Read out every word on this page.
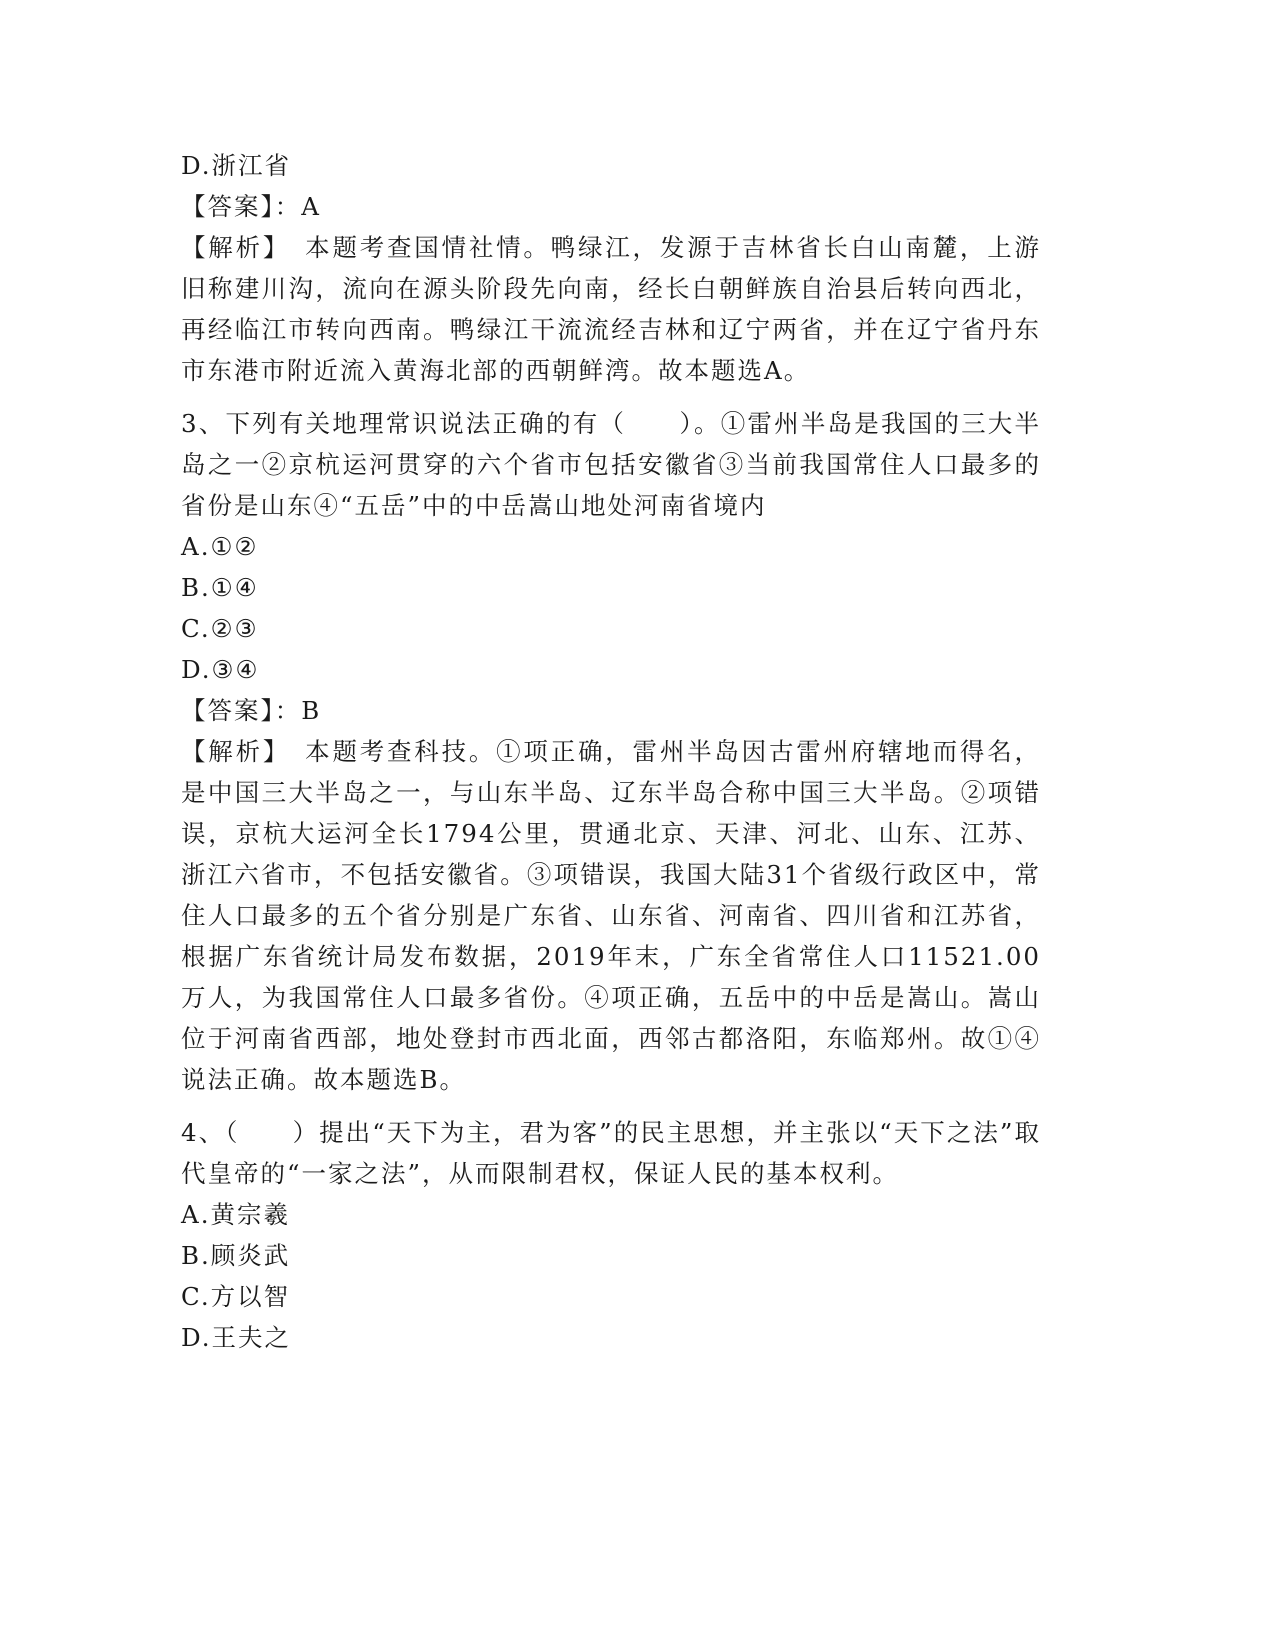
D.浙江省
【答案】：A
【解析】　本题考查国情社情。鸭绿江，发源于吉林省长白山南麓，上游旧称建川沟，流向在源头阶段先向南，经长白朝鲜族自治县后转向西北，再经临江市转向西南。鸭绿江干流流经吉林和辽宁两省，并在辽宁省丹东市东港市附近流入黄海北部的西朝鲜湾。故本题选A。
3、下列有关地理常识说法正确的有（　　）。①雷州半岛是我国的三大半岛之一②京杭运河贯穿的六个省市包括安徽省③当前我国常住人口最多的省份是山东④“五岳”中的中岳嵩山地处河南省境内
A.①②
B.①④
C.②③
D.③④
【答案】：B
【解析】　本题考查科技。①项正确，雷州半岛因古雷州府辖地而得名，是中国三大半岛之一，与山东半岛、辽东半岛合称中国三大半岛。②项错误，京杭大运河全长1794公里，贯通北京、天津、河北、山东、江苏、浙江六省市，不包括安徽省。③项错误，我国大陆31个省级行政区中，常住人口最多的五个省分别是广东省、山东省、河南省、四川省和江苏省，根据广东省统计局发布数据，2019年末，广东全省常住人口11521.00万人，为我国常住人口最多省份。④项正确，五岳中的中岳是嵩山。嵩山位于河南省西部，地处登封市西北面，西邻古都洛阳，东临郑州。故①④说法正确。故本题选B。
4、（　　）提出“天下为主，君为客”的民主思想，并主张以“天下之法”取代皇帝的“一家之法”，从而限制君权，保证人民的基本权利。
A.黄宗羲
B.顾炎武
C.方以智
D.王夫之
